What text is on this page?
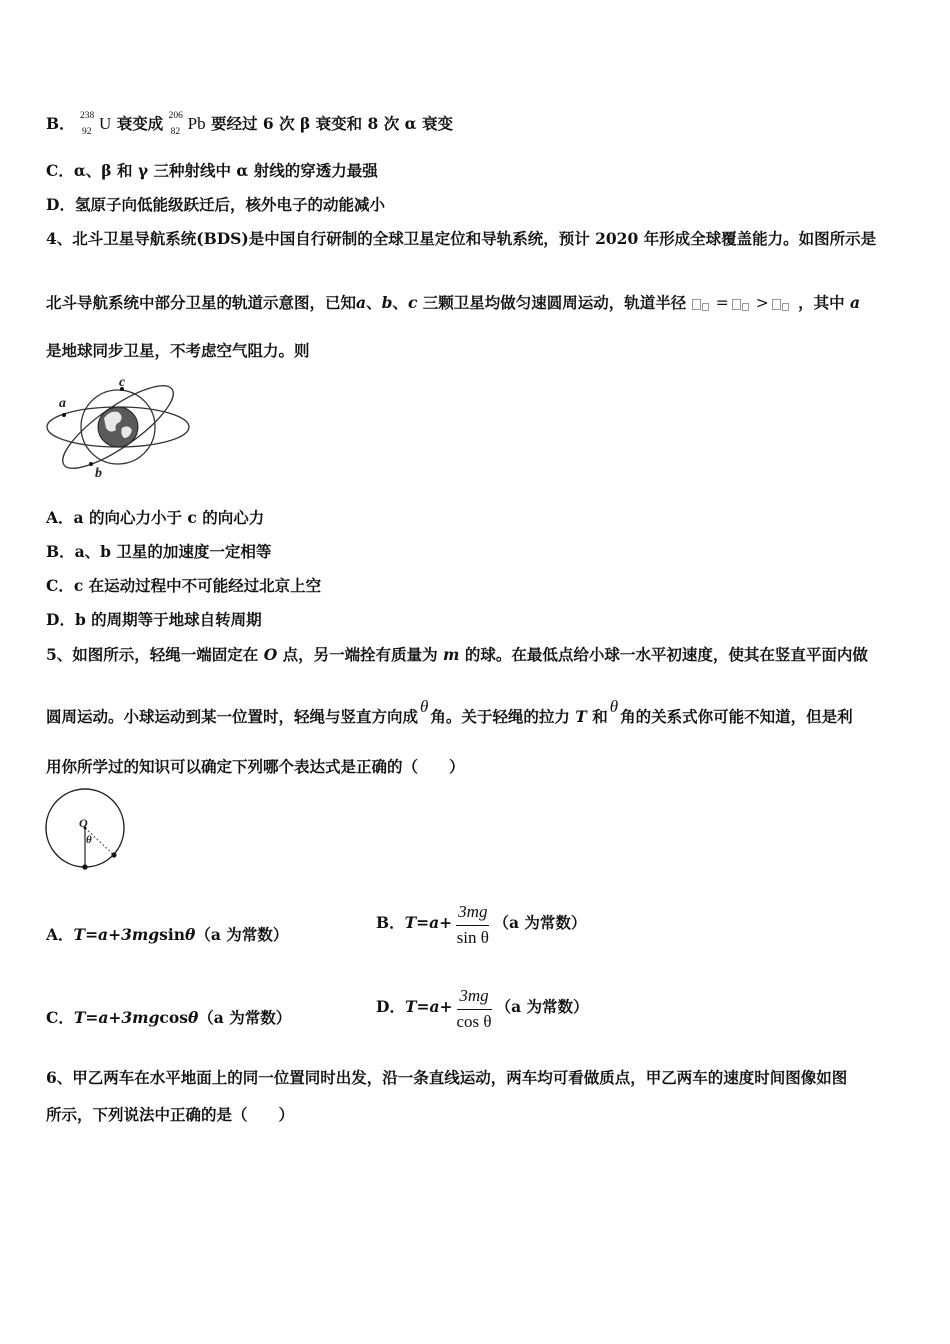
B． 238
92 U 衰变成 206
82 Pb 要经过 6 次 β 衰变和 8 次 α 衰变
C．α、β 和 γ 三种射线中 α 射线的穿透力最强
D．氢原子向低能级跃迁后，核外电子的动能减小
4、北斗卫星导航系统(BDS)是中国自行研制的全球卫星定位和导轨系统，预计 2020 年形成全球覆盖能力。如图所示是
北斗导航系统中部分卫星的轨道示意图，已知a、b、c 三颗卫星均做匀速圆周运动，轨道半径 = > ，其中 a
是地球同步卫星，不考虑空气阻力。则
a
c
b
A．a 的向心力小于 c 的向心力
B．a、b 卫星的加速度一定相等
C．c 在运动过程中不可能经过北京上空
D．b 的周期等于地球自转周期
5、如图所示，轻绳一端固定在 O 点，另一端拴有质量为 m 的球。在最低点给小球一水平初速度，使其在竖直平面内做
圆周运动。小球运动到某一位置时，轻绳与竖直方向成θ角。关于轻绳的拉力 T 和θ角的关系式你可能不知道，但是利
用你所学过的知识可以确定下列哪个表达式是正确的（　　）
O
θ
A．T=a+3mgsinθ（a 为常数）
B．$T=a+ \frac{3mg}{\text{sin θ}} (a$ 为常数）
C．T=a+3mgcosθ（a 为常数）
D．$T=a+ \frac{3mg}{\text{cos θ}} (a$ 为常数）
6、甲乙两车在水平地面上的同一位置同时出发，沿一条直线运动，两车均可看做质点，甲乙两车的速度时间图像如图
所示，下列说法中正确的是（　　）
